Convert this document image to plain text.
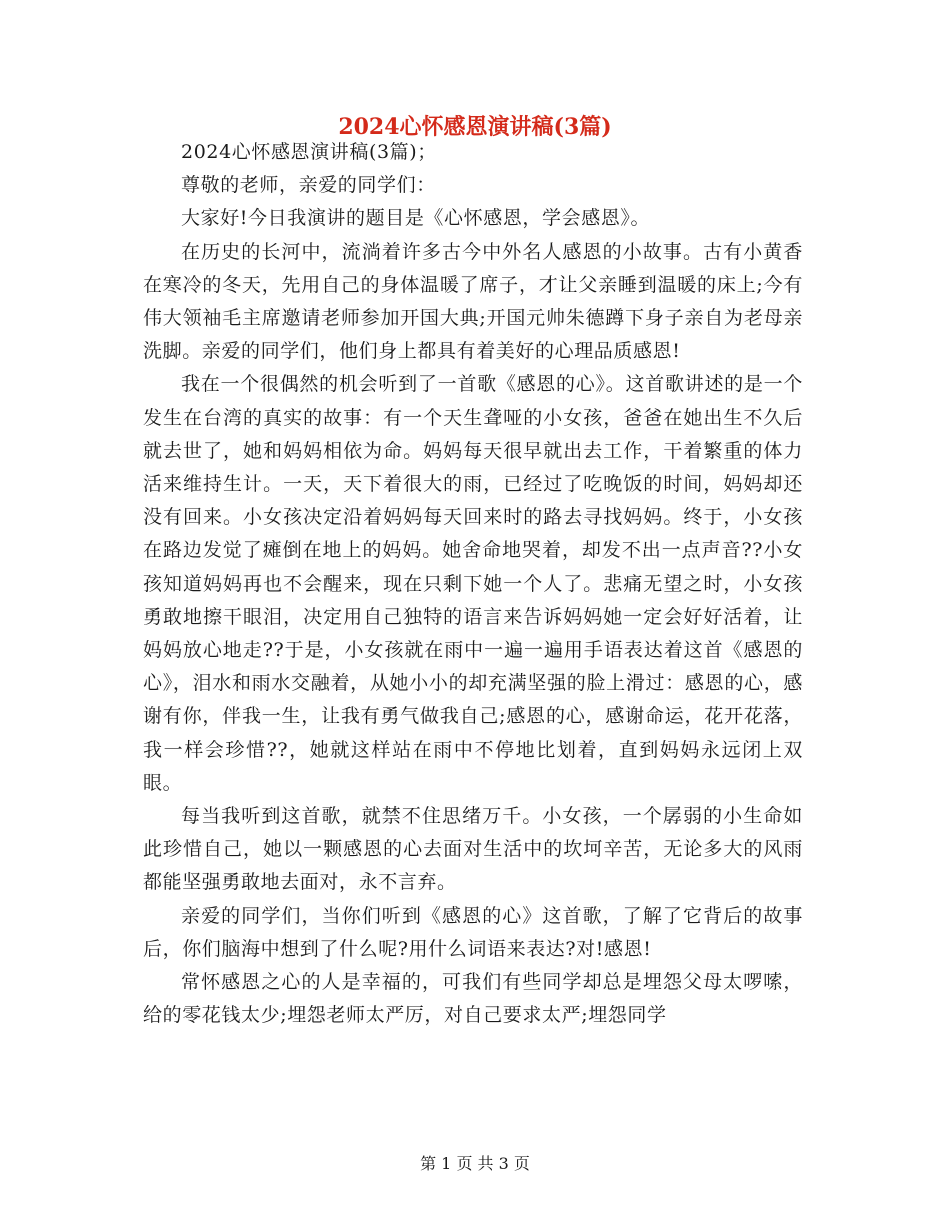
2024心怀感恩演讲稿(3篇)

2024心怀感恩演讲稿(3篇)；

尊敬的老师，亲爱的同学们：

大家好!今日我演讲的题目是《心怀感恩，学会感恩》。

在历史的长河中，流淌着许多古今中外名人感恩的小故事。古有小黄香在寒冷的冬天，先用自己的身体温暖了席子，才让父亲睡到温暖的床上;今有伟大领袖毛主席邀请老师参加开国大典;开国元帅朱德蹲下身子亲自为老母亲洗脚。亲爱的同学们，他们身上都具有着美好的心理品质感恩!

我在一个很偶然的机会听到了一首歌《感恩的心》。这首歌讲述的是一个发生在台湾的真实的故事：有一个天生聋哑的小女孩，爸爸在她出生不久后就去世了，她和妈妈相依为命。妈妈每天很早就出去工作，干着繁重的体力活来维持生计。一天，天下着很大的雨，已经过了吃晚饭的时间，妈妈却还没有回来。小女孩决定沿着妈妈每天回来时的路去寻找妈妈。终于，小女孩在路边发觉了瘫倒在地上的妈妈。她舍命地哭着，却发不出一点声音??小女孩知道妈妈再也不会醒来，现在只剩下她一个人了。悲痛无望之时，小女孩勇敢地擦干眼泪，决定用自己独特的语言来告诉妈妈她一定会好好活着，让妈妈放心地走??于是，小女孩就在雨中一遍一遍用手语表达着这首《感恩的心》，泪水和雨水交融着，从她小小的却充满坚强的脸上滑过：感恩的心，感谢有你，伴我一生，让我有勇气做我自己;感恩的心，感谢命运，花开花落，我一样会珍惜??，她就这样站在雨中不停地比划着，直到妈妈永远闭上双眼。

每当我听到这首歌，就禁不住思绪万千。小女孩，一个孱弱的小生命如此珍惜自己，她以一颗感恩的心去面对生活中的坎坷辛苦，无论多大的风雨都能坚强勇敢地去面对，永不言弃。

亲爱的同学们，当你们听到《感恩的心》这首歌，了解了它背后的故事后，你们脑海中想到了什么呢?用什么词语来表达?对!感恩!

常怀感恩之心的人是幸福的，可我们有些同学却总是埋怨父母太啰嗦，给的零花钱太少;埋怨老师太严厉，对自己要求太严;埋怨同学

第 1 页 共 3 页
